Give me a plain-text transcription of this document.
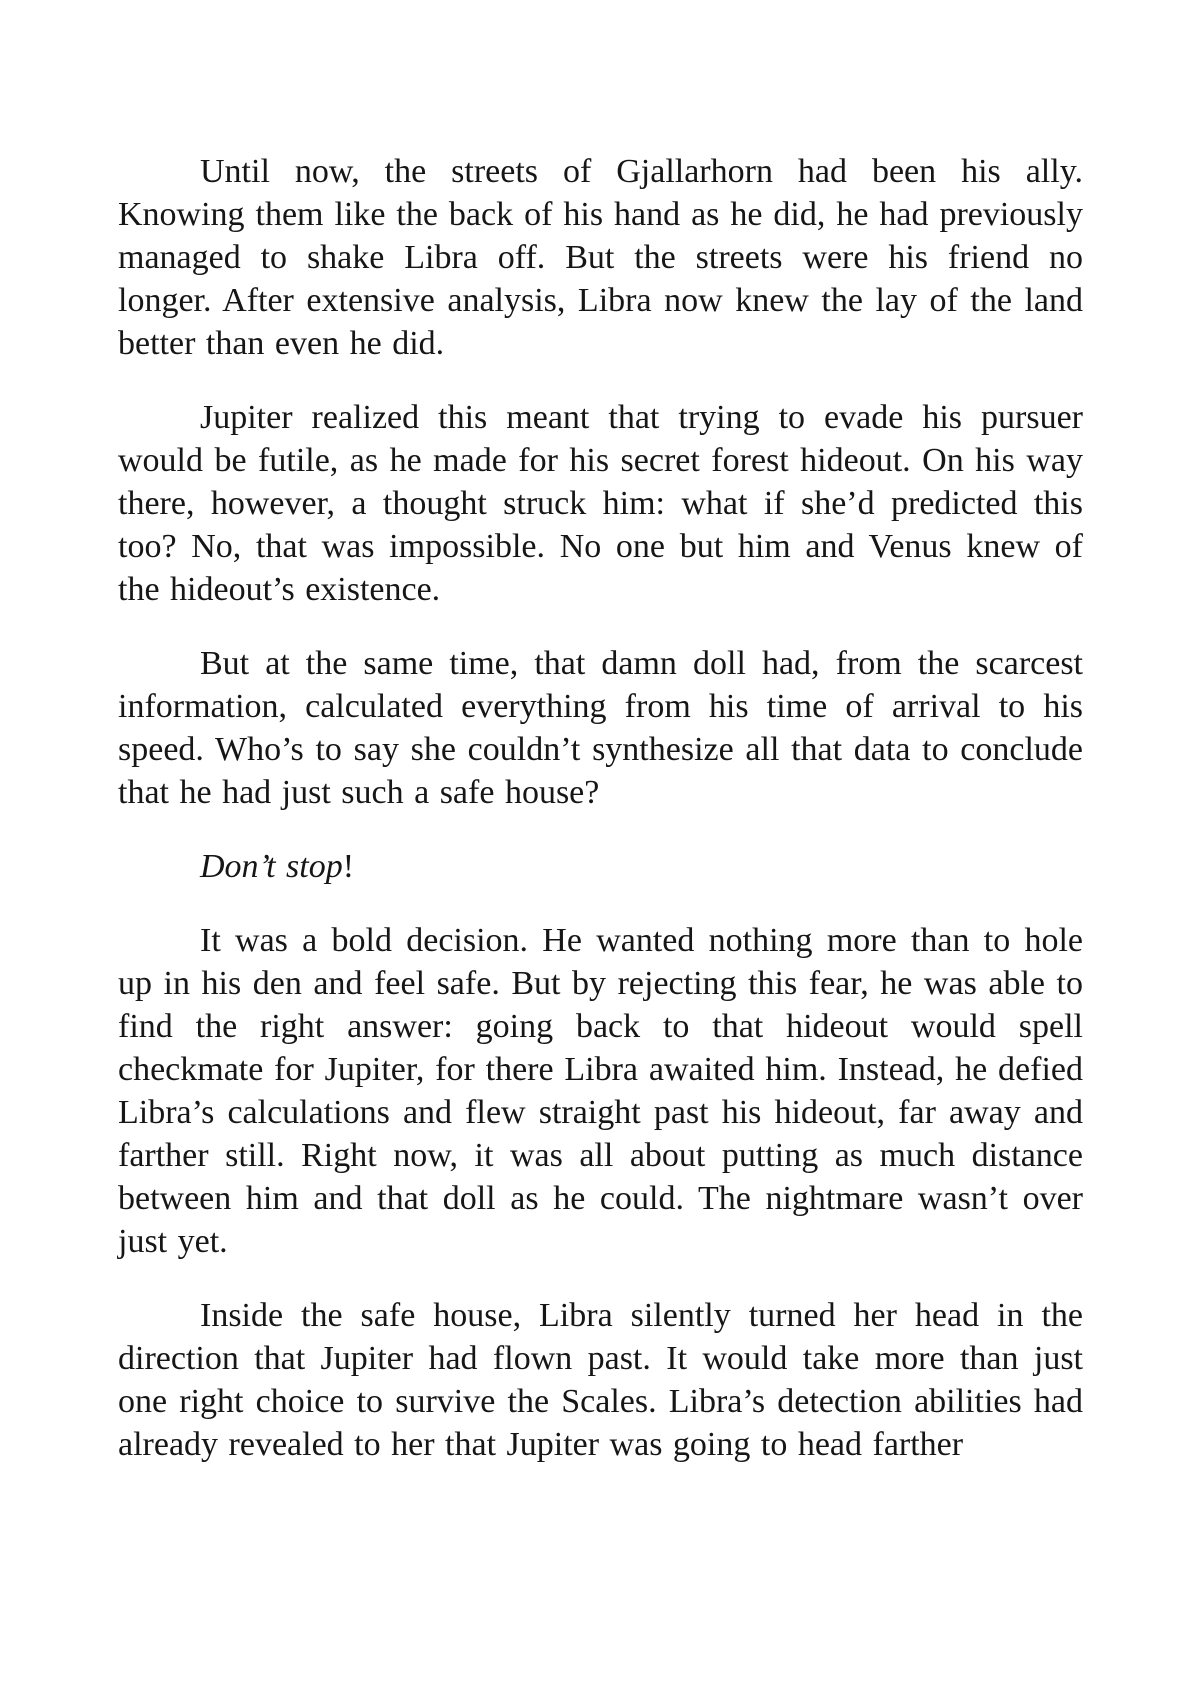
Until now, the streets of Gjallarhorn had been his ally. Knowing them like the back of his hand as he did, he had previously managed to shake Libra off. But the streets were his friend no longer. After extensive analysis, Libra now knew the lay of the land better than even he did.

Jupiter realized this meant that trying to evade his pursuer would be futile, as he made for his secret forest hideout. On his way there, however, a thought struck him: what if she’d predicted this too? No, that was impossible. No one but him and Venus knew of the hideout’s existence.

But at the same time, that damn doll had, from the scarcest information, calculated everything from his time of arrival to his speed. Who’s to say she couldn’t synthesize all that data to conclude that he had just such a safe house?

Don’t stop!

It was a bold decision. He wanted nothing more than to hole up in his den and feel safe. But by rejecting this fear, he was able to find the right answer: going back to that hideout would spell checkmate for Jupiter, for there Libra awaited him. Instead, he defied Libra’s calculations and flew straight past his hideout, far away and farther still. Right now, it was all about putting as much distance between him and that doll as he could. The nightmare wasn’t over just yet.

Inside the safe house, Libra silently turned her head in the direction that Jupiter had flown past. It would take more than just one right choice to survive the Scales. Libra’s detection abilities had already revealed to her that Jupiter was going to head farther
